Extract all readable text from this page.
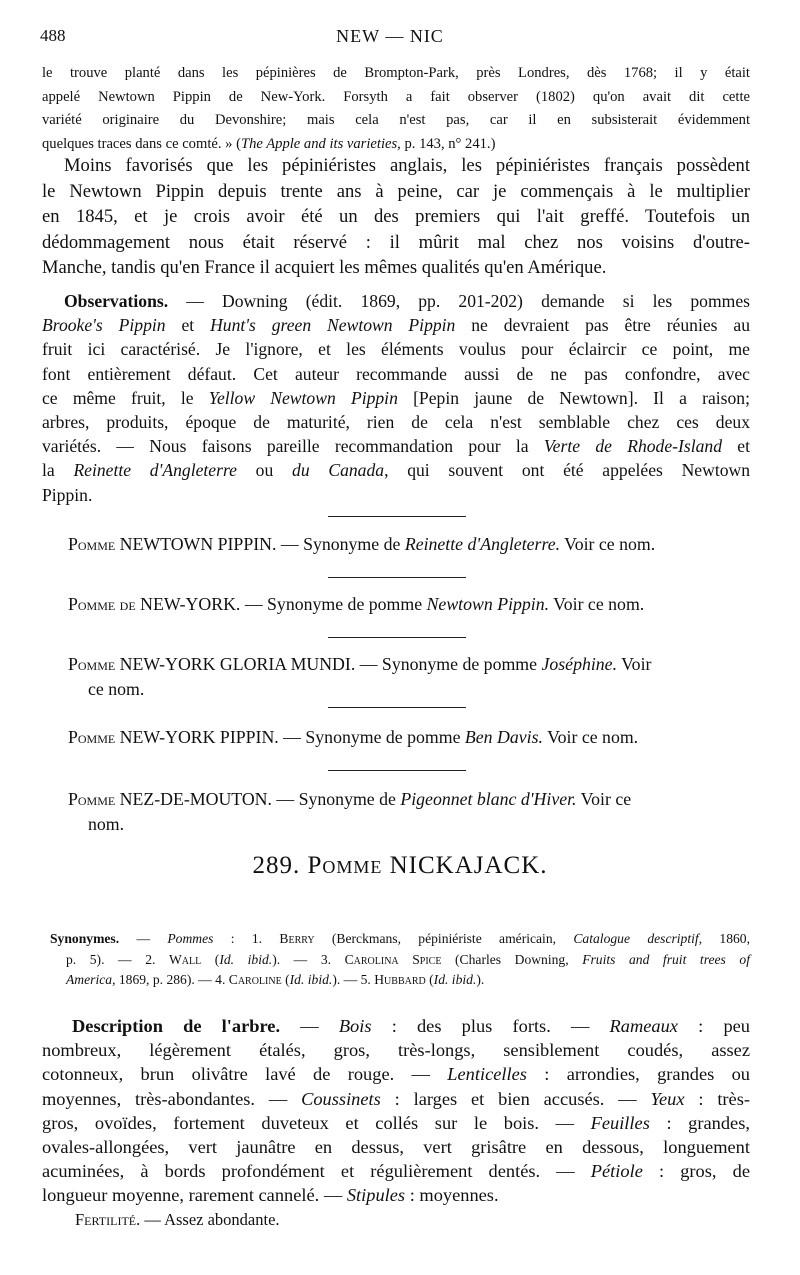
488	NEW — NIC
le trouve planté dans les pépinières de Brompton-Park, près Londres, dès 1768; il y était
appelé Newtown Pippin de New-York. Forsyth a fait observer (1802) qu'on avait dit cette
variété originaire du Devonshire; mais cela n'est pas, car il en subsisterait évidemment
quelques traces dans ce comté. » (The Apple and its varieties, p. 143, n° 241.)
Moins favorisés que les pépiniéristes anglais, les pépiniéristes français possèdent
le Newtown Pippin depuis trente ans à peine, car je commençais à le multiplier
en 1845, et je crois avoir été un des premiers qui l'ait greffé. Toutefois un
dédommagement nous était réservé : il mûrit mal chez nos voisins d'outre-
Manche, tandis qu'en France il acquiert les mêmes qualités qu'en Amérique.
Observations. — Downing (édit. 1869, pp. 201-202) demande si les pommes
Brooke's Pippin et Hunt's green Newtown Pippin ne devraient pas être réunies au
fruit ici caractérisé. Je l'ignore, et les éléments voulus pour éclaircir ce point, me
font entièrement défaut. Cet auteur recommande aussi de ne pas confondre, avec
ce même fruit, le Yellow Newtown Pippin [Pepin jaune de Newtown]. Il a raison;
arbres, produits, époque de maturité, rien de cela n'est semblable chez ces deux
variétés. — Nous faisons pareille recommandation pour la Verte de Rhode-Island et
la Reinette d'Angleterre ou du Canada, qui souvent ont été appelées Newtown
Pippin.
Pomme NEWTOWN PIPPIN. — Synonyme de Reinette d'Angleterre. Voir ce nom.
Pomme de NEW-YORK. — Synonyme de pomme Newtown Pippin. Voir ce nom.
Pomme NEW-YORK GLORIA MUNDI. — Synonyme de pomme Joséphine. Voir
ce nom.
Pomme NEW-YORK PIPPIN. — Synonyme de pomme Ben Davis. Voir ce nom.
Pomme NEZ-DE-MOUTON. — Synonyme de Pigeonnet blanc d'Hiver. Voir ce
nom.
289. Pomme NICKAJACK.
Synonymes. — Pommes : 1. Berry (Berckmans, pépiniériste américain, Catalogue descriptif, 1860,
p. 5). — 2. Wall (Id. ibid.). — 3. Carolina Spice (Charles Downing, Fruits and fruit trees of
America, 1869, p. 286). — 4. Caroline (Id. ibid.). — 5. Hubbard (Id. ibid.).
Description de l'arbre. — Bois : des plus forts. — Rameaux : peu
nombreux, légèrement étalés, gros, très-longs, sensiblement coudés, assez
cotonneux, brun olivâtre lavé de rouge. — Lenticelles : arrondies, grandes ou
moyennes, très-abondantes. — Coussinets : larges et bien accusés. — Yeux : très-
gros, ovoïdes, fortement duveteux et collés sur le bois. — Feuilles : grandes,
ovales-allongées, vert jaunâtre en dessus, vert grisâtre en dessous, longuement
acuminées, à bords profondément et régulièrement dentés. — Pétiole : gros, de
longueur moyenne, rarement cannelé. — Stipules : moyennes.
Fertilité. — Assez abondante.
